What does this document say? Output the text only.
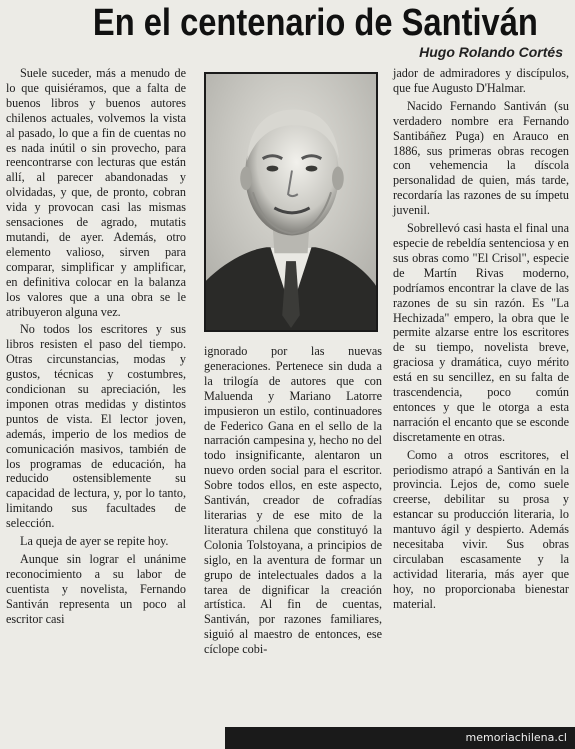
En el centenario de Santiván
Hugo Rolando Cortés

Suele suceder, más a menudo de lo que quisiéramos, que a falta de buenos libros y buenos autores chilenos actuales, volvemos la vista al pasado, lo que a fin de cuentas no es nada inútil o sin provecho, para reencontrarse con lecturas que están allí, al parecer abandonadas y olvidadas, y que, de pronto, cobran vida y provocan casi las mismas sensaciones de agrado, mutatis mutandi, de ayer. Además, otro elemento valioso, sirven para comparar, simplificar y amplificar, en definitiva colocar en la balanza los valores que a una obra se le atribuyeron alguna vez.

No todos los escritores y sus libros resisten el paso del tiempo. Otras circunstancias, modas y gustos, técnicas y costumbres, condicionan su apreciación, les imponen otras medidas y distintos puntos de vista. El lector joven, además, imperio de los medios de comunicación masivos, también de los programas de educación, ha reducido ostensiblemente su capacidad de lectura, y, por lo tanto, limitando sus facultades de selección.

La queja de ayer se repite hoy.

Aunque sin lograr el unánime reconocimiento a su labor de cuentista y novelista, Fernando Santiván representa un poco al escritor casi

ignorado por las nuevas generaciones. Pertenece sin duda a la trilogía de autores que con Maluenda y Mariano Latorre impusieron un estilo, continuadores de Federico Gana en el sello de la narración campesina y, hecho no del todo insignificante, alentaron un nuevo orden social para el escritor. Sobre todos ellos, en este aspecto, Santiván, creador de cofradías literarias y de ese mito de la literatura chilena que constituyó la Colonia Tolstoyana, a principios de siglo, en la aventura de formar un grupo de intelectuales dados a la tarea de dignificar la creación artística. Al fin de cuentas, Santiván, por razones familiares, siguió al maestro de entonces, ese cíclope cobi-

jador de admiradores y discípulos, que fue Augusto D'Halmar.

Nacido Fernando Santiván (su verdadero nombre era Fernando Santibáñez Puga) en Arauco en 1886, sus primeras obras recogen con vehemencia la díscola personalidad de quien, más tarde, recordaría las razones de su ímpetu juvenil.

Sobrellevó casi hasta el final una especie de rebeldía sentenciosa y en sus obras como "El Crisol", especie de Martín Rivas moderno, podríamos encontrar la clave de las razones de su sin razón. Es "La Hechizada" empero, la obra que le permite alzarse entre los escritores de su tiempo, novelista breve, graciosa y dramática, cuyo mérito está en su sencillez, en su falta de trascendencia, poco común entonces y que le otorga a esta narración el encanto que se esconde discretamente en otras.

Como a otros escritores, el periodismo atrapó a Santiván en la provincia. Lejos de, como suele creerse, debilitar su prosa y estancar su producción literaria, lo mantuvo ágil y despierto. Además necesitaba vivir. Sus obras circulaban escasamente y la actividad literaria, más ayer que hoy, no proporcionaba bienestar material.

memoriachilena.cl
